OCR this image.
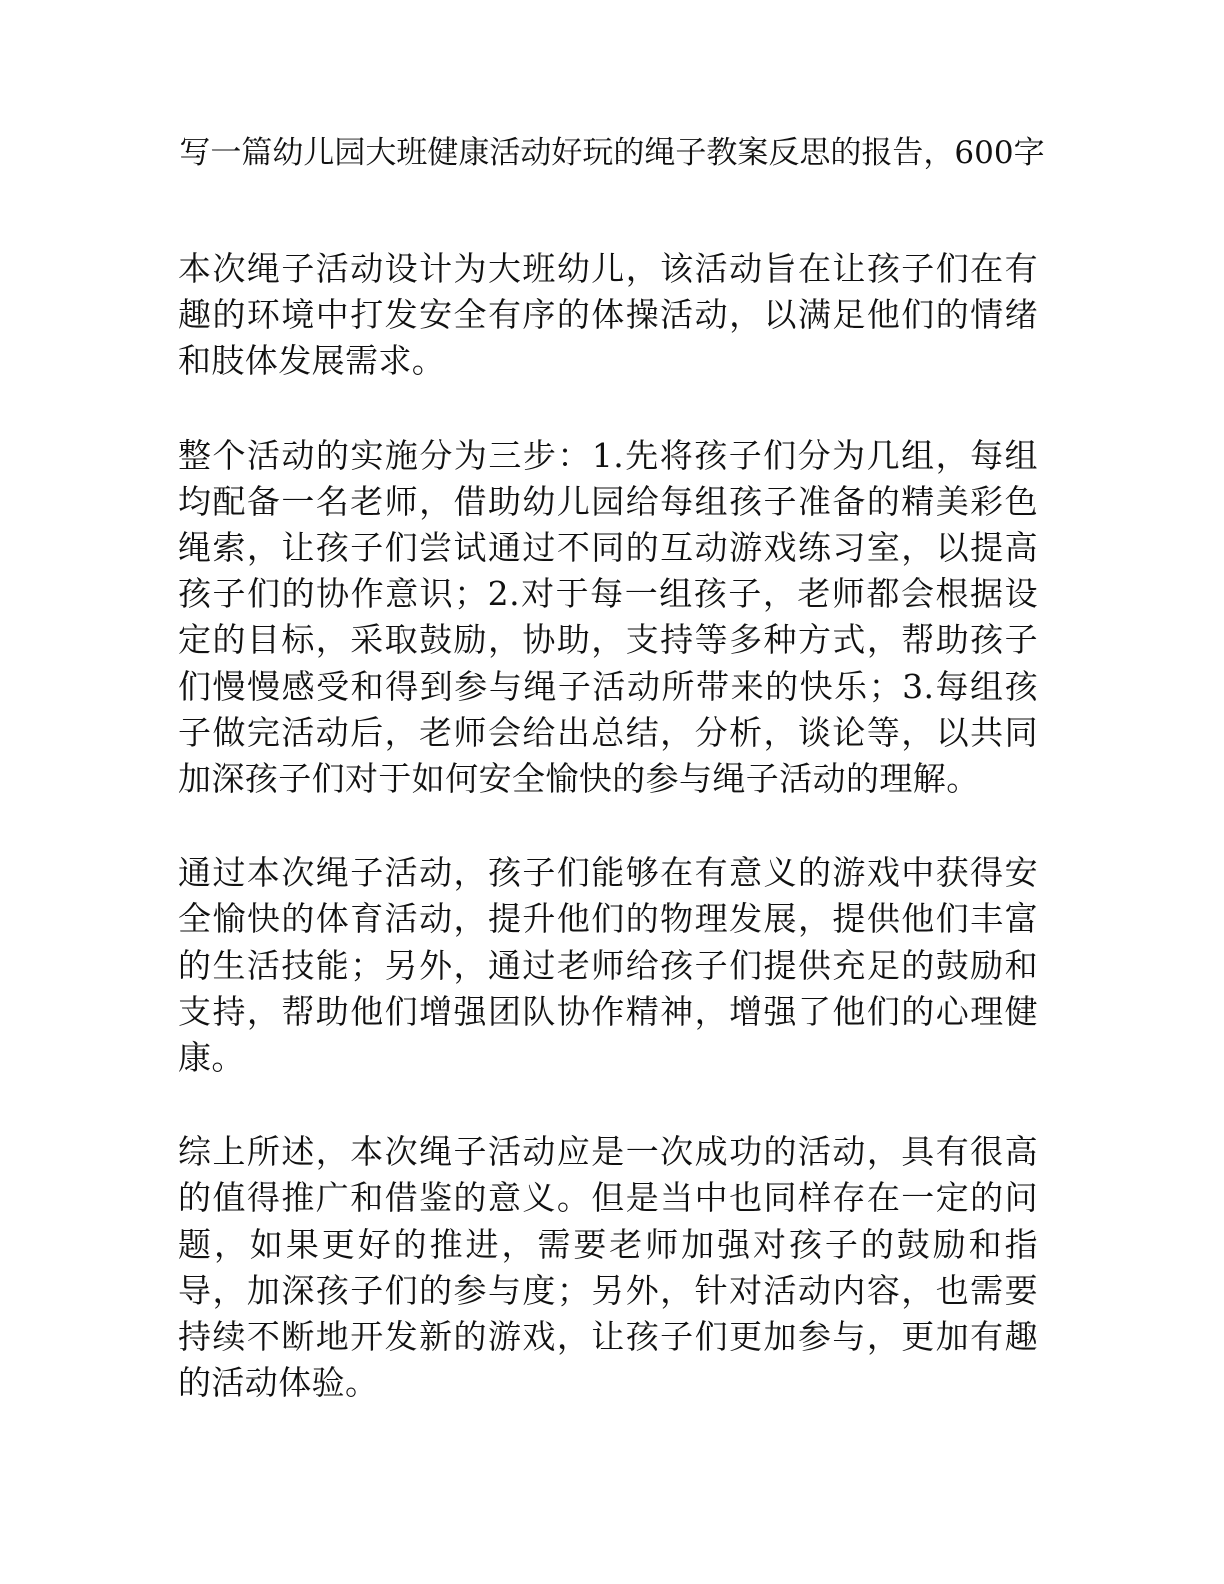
写一篇幼儿园大班健康活动好玩的绳子教案反思的报告，600字

本次绳子活动设计为大班幼儿，该活动旨在让孩子们在有趣的环境中打发安全有序的体操活动，以满足他们的情绪和肢体发展需求。

整个活动的实施分为三步：1.先将孩子们分为几组，每组均配备一名老师，借助幼儿园给每组孩子准备的精美彩色绳索，让孩子们尝试通过不同的互动游戏练习室，以提高孩子们的协作意识；2.对于每一组孩子，老师都会根据设定的目标，采取鼓励，协助，支持等多种方式，帮助孩子们慢慢感受和得到参与绳子活动所带来的快乐；3.每组孩子做完活动后，老师会给出总结，分析，谈论等，以共同加深孩子们对于如何安全愉快的参与绳子活动的理解。

通过本次绳子活动，孩子们能够在有意义的游戏中获得安全愉快的体育活动，提升他们的物理发展，提供他们丰富的生活技能；另外，通过老师给孩子们提供充足的鼓励和支持，帮助他们增强团队协作精神，增强了他们的心理健康。

综上所述，本次绳子活动应是一次成功的活动，具有很高的值得推广和借鉴的意义。但是当中也同样存在一定的问题，如果更好的推进，需要老师加强对孩子的鼓励和指导，加深孩子们的参与度；另外，针对活动内容，也需要持续不断地开发新的游戏，让孩子们更加参与，更加有趣的活动体验。
